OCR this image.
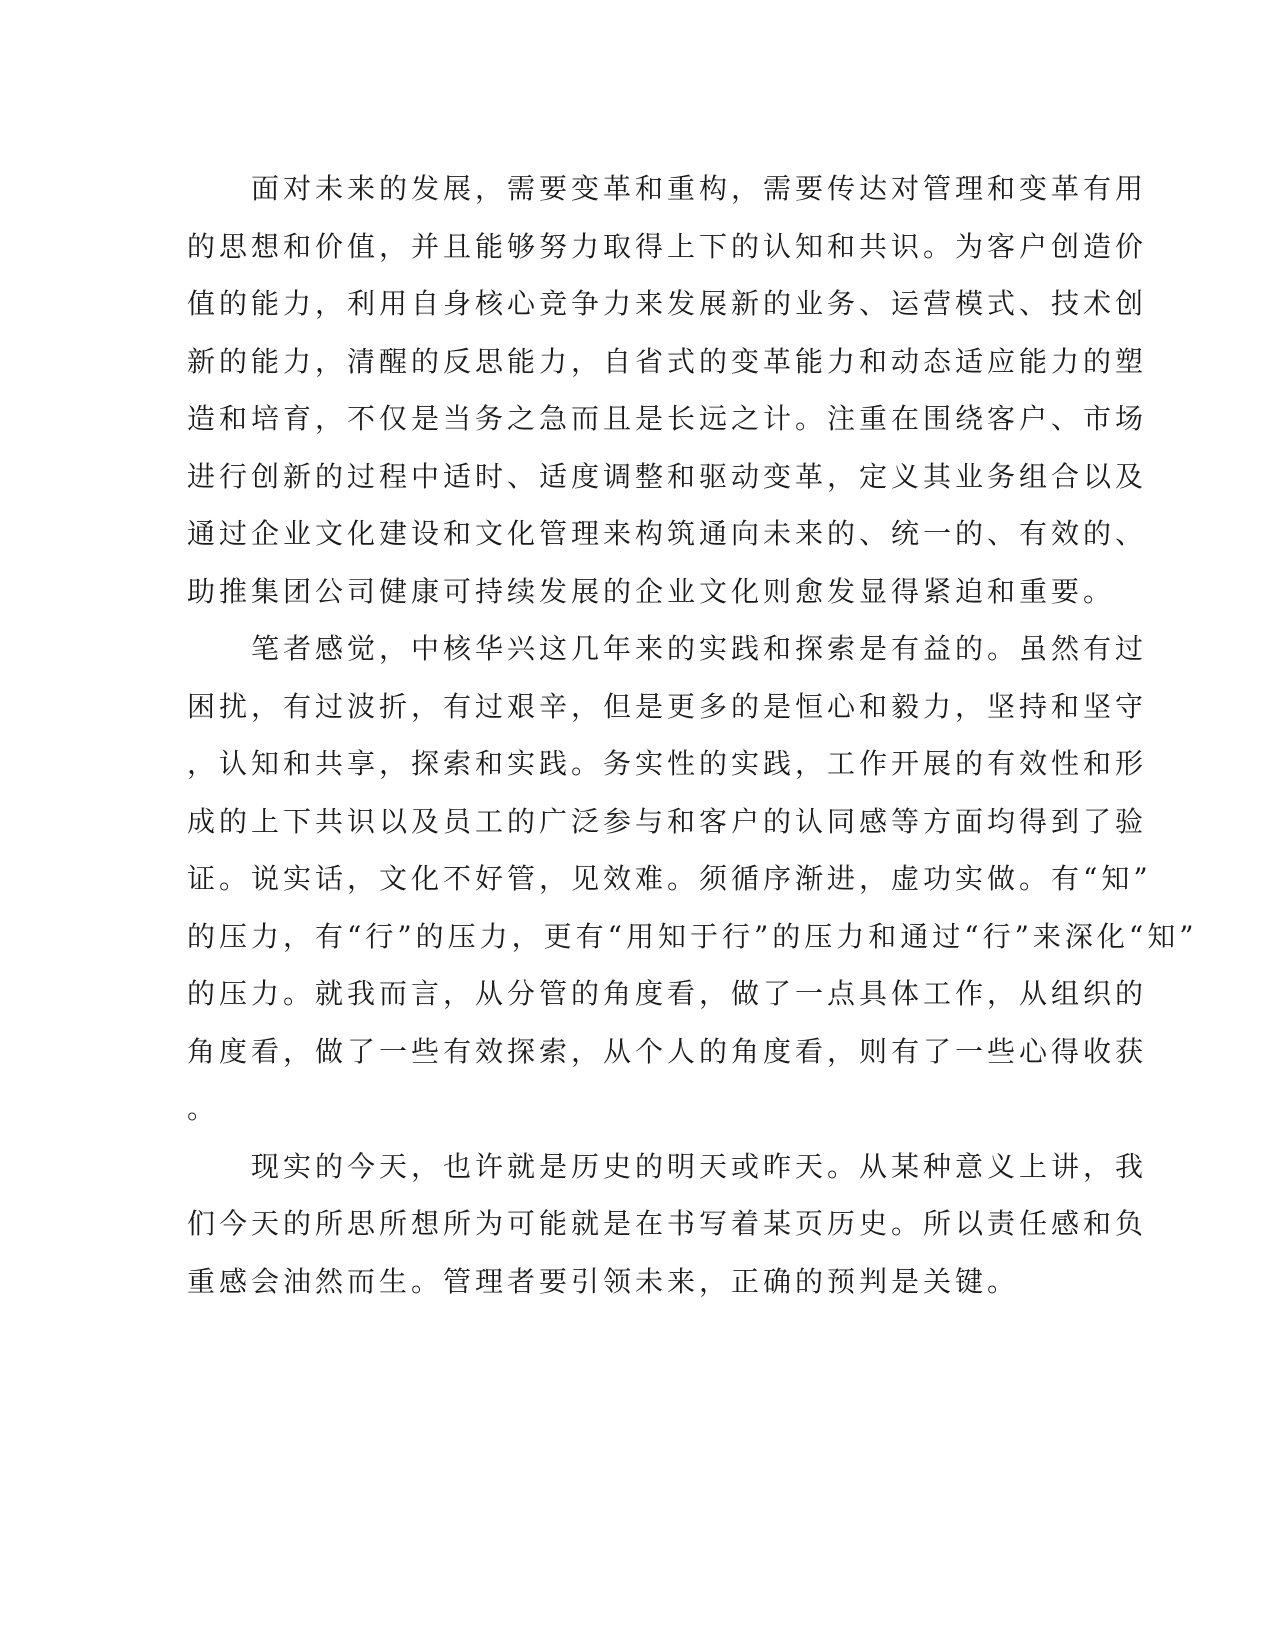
　　面对未来的发展，需要变革和重构，需要传达对管理和变革有用
的思想和价值，并且能够努力取得上下的认知和共识。为客户创造价
值的能力，利用自身核心竞争力来发展新的业务、运营模式、技术创
新的能力，清醒的反思能力，自省式的变革能力和动态适应能力的塑
造和培育，不仅是当务之急而且是长远之计。注重在围绕客户、市场
进行创新的过程中适时、适度调整和驱动变革，定义其业务组合以及
通过企业文化建设和文化管理来构筑通向未来的、统一的、有效的、
助推集团公司健康可持续发展的企业文化则愈发显得紧迫和重要。
　　笔者感觉，中核华兴这几年来的实践和探索是有益的。虽然有过
困扰，有过波折，有过艰辛，但是更多的是恒心和毅力，坚持和坚守
，认知和共享，探索和实践。务实性的实践，工作开展的有效性和形
成的上下共识以及员工的广泛参与和客户的认同感等方面均得到了验
证。说实话，文化不好管，见效难。须循序渐进，虚功实做。有“知”
的压力，有“行”的压力，更有“用知于行”的压力和通过“行”来深化“知”
的压力。就我而言，从分管的角度看，做了一点具体工作，从组织的
角度看，做了一些有效探索，从个人的角度看，则有了一些心得收获
。
　　现实的今天，也许就是历史的明天或昨天。从某种意义上讲，我
们今天的所思所想所为可能就是在书写着某页历史。所以责任感和负
重感会油然而生。管理者要引领未来，正确的预判是关键。
